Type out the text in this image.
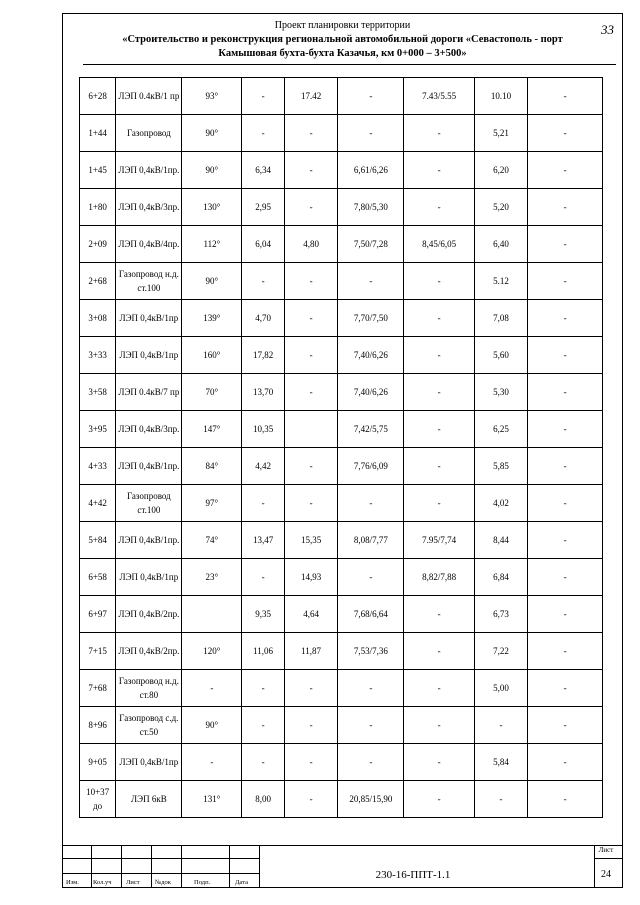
Проект планировки территории
«Строительство и реконструкция региональной автомобильной дороги «Севастополь - порт
Камышовая бухта-бухта Казачья, км 0+000 – 3+500»
33
6+28	ЛЭП 0.4кВ/1 пр	93°	-	17.42	-	7.43/5.55	10.10	-
1+44	Газопровод	90°	-	-	-	-	5,21	-
1+45	ЛЭП 0,4кВ/1пр.	90°	6,34	-	6,61/6,26	-	6,20	-
1+80	ЛЭП 0,4кВ/3пр.	130°	2,95	-	7,80/5,30	-	5,20	-
2+09	ЛЭП 0,4кВ/4пр.	112°	6,04	4,80	7,50/7,28	8,45/6,05	6,40	-
2+68	Газопровод н.д. ст.100	90°	-	-	-	-	5.12	-
3+08	ЛЭП 0,4кВ/1пр	139°	4,70	-	7,70/7,50	-	7,08	-
3+33	ЛЭП 0,4кВ/1пр	160°	17,82	-	7,40/6,26	-	5,60	-
3+58	ЛЭП 0.4кВ/7 пр	70°	13,70	-	7,40/6,26	-	5,30	-
3+95	ЛЭП 0,4кВ/3пр.	147°	10,35		7,42/5,75	-	6,25	-
4+33	ЛЭП 0,4кВ/1пр.	84°	4,42	-	7,76/6,09	-	5,85	-
4+42	Газопровод ст.100	97°	-	-	-	-	4,02	-
5+84	ЛЭП 0,4кВ/1пр.	74°	13,47	15,35	8,08/7,77	7.95/7,74	8,44	-
6+58	ЛЭП 0,4кВ/1пр	23°	-	14,93	-	8,82/7,88	6,84	-
6+97	ЛЭП 0,4кВ/2пр.		9,35	4,64	7,68/6,64	-	6,73	-
7+15	ЛЭП 0,4кВ/2пр.	120°	11,06	11,87	7,53/7,36	-	7,22	-
7+68	Газопровод н.д. ст.80	-	-	-	-	-	5,00	-
8+96	Газопровод с.д. ст.50	90°	-	-	-	-	-	-
9+05	ЛЭП 0,4кВ/1пр	-	-	-	-	-	5,84	-
10+37 до	ЛЭП 6кВ	131°	8,00	-	20,85/15,90	-	-	-
Изм. Кол.уч Лист №док	Подп.	Дата
230-16-ППТ-1.1
Лист
24
